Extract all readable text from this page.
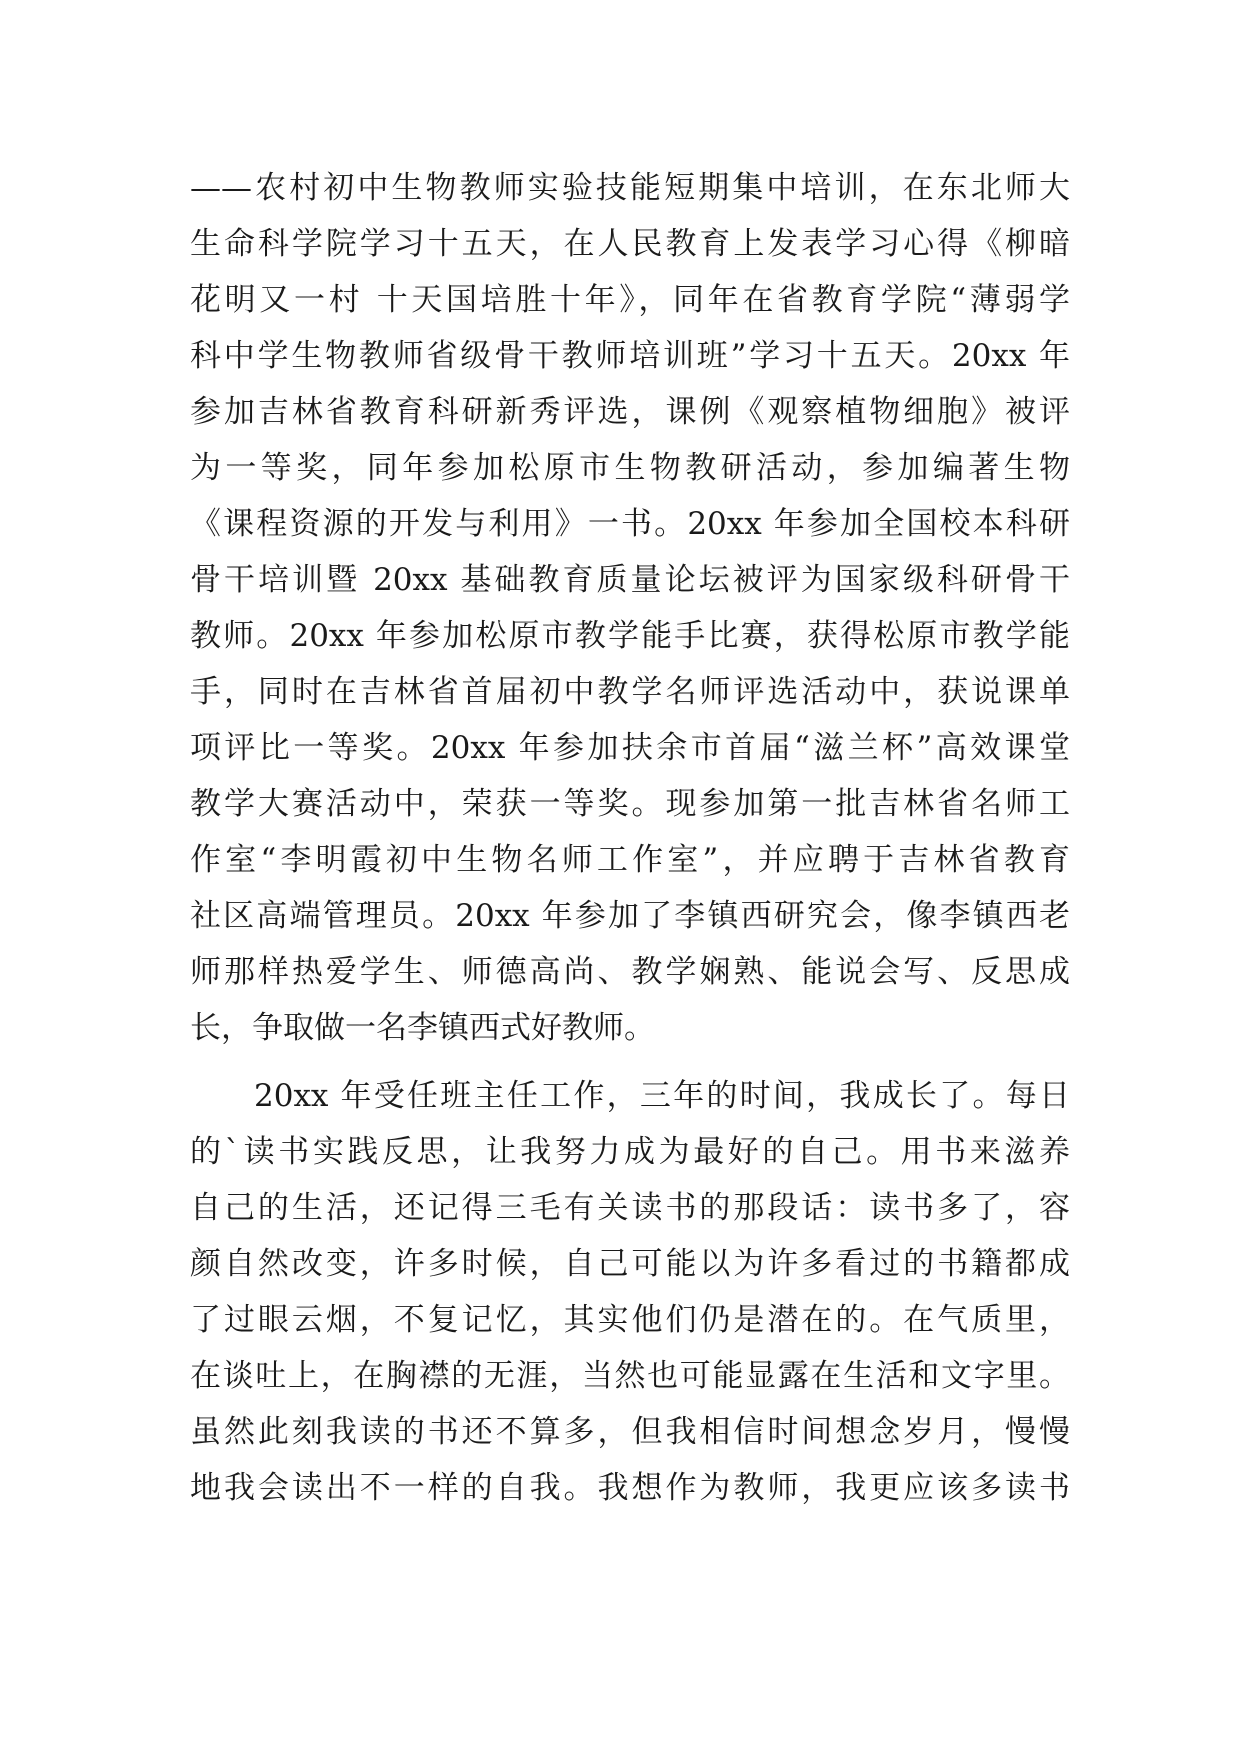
——农村初中生物教师实验技能短期集中培训，在东北师大
生命科学院学习十五天，在人民教育上发表学习心得《柳暗
花明又一村 十天国培胜十年》，同年在省教育学院“薄弱学
科中学生物教师省级骨干教师培训班”学习十五天。20xx 年
参加吉林省教育科研新秀评选，课例《观察植物细胞》被评
为一等奖，同年参加松原市生物教研活动，参加编著生物
《课程资源的开发与利用》一书。20xx 年参加全国校本科研
骨干培训暨 20xx 基础教育质量论坛被评为国家级科研骨干
教师。20xx 年参加松原市教学能手比赛，获得松原市教学能
手，同时在吉林省首届初中教学名师评选活动中，获说课单
项评比一等奖。20xx 年参加扶余市首届“滋兰杯”高效课堂
教学大赛活动中，荣获一等奖。现参加第一批吉林省名师工
作室“李明霞初中生物名师工作室”，并应聘于吉林省教育
社区高端管理员。20xx 年参加了李镇西研究会，像李镇西老
师那样热爱学生、师德高尚、教学娴熟、能说会写、反思成
长，争取做一名李镇西式好教师。
20xx 年受任班主任工作，三年的时间，我成长了。每日
的`读书实践反思，让我努力成为最好的自己。用书来滋养
自己的生活，还记得三毛有关读书的那段话：读书多了，容
颜自然改变，许多时候，自己可能以为许多看过的书籍都成
了过眼云烟，不复记忆，其实他们仍是潜在的。在气质里，
在谈吐上，在胸襟的无涯，当然也可能显露在生活和文字里。
虽然此刻我读的书还不算多，但我相信时间想念岁月，慢慢
地我会读出不一样的自我。我想作为教师，我更应该多读书
